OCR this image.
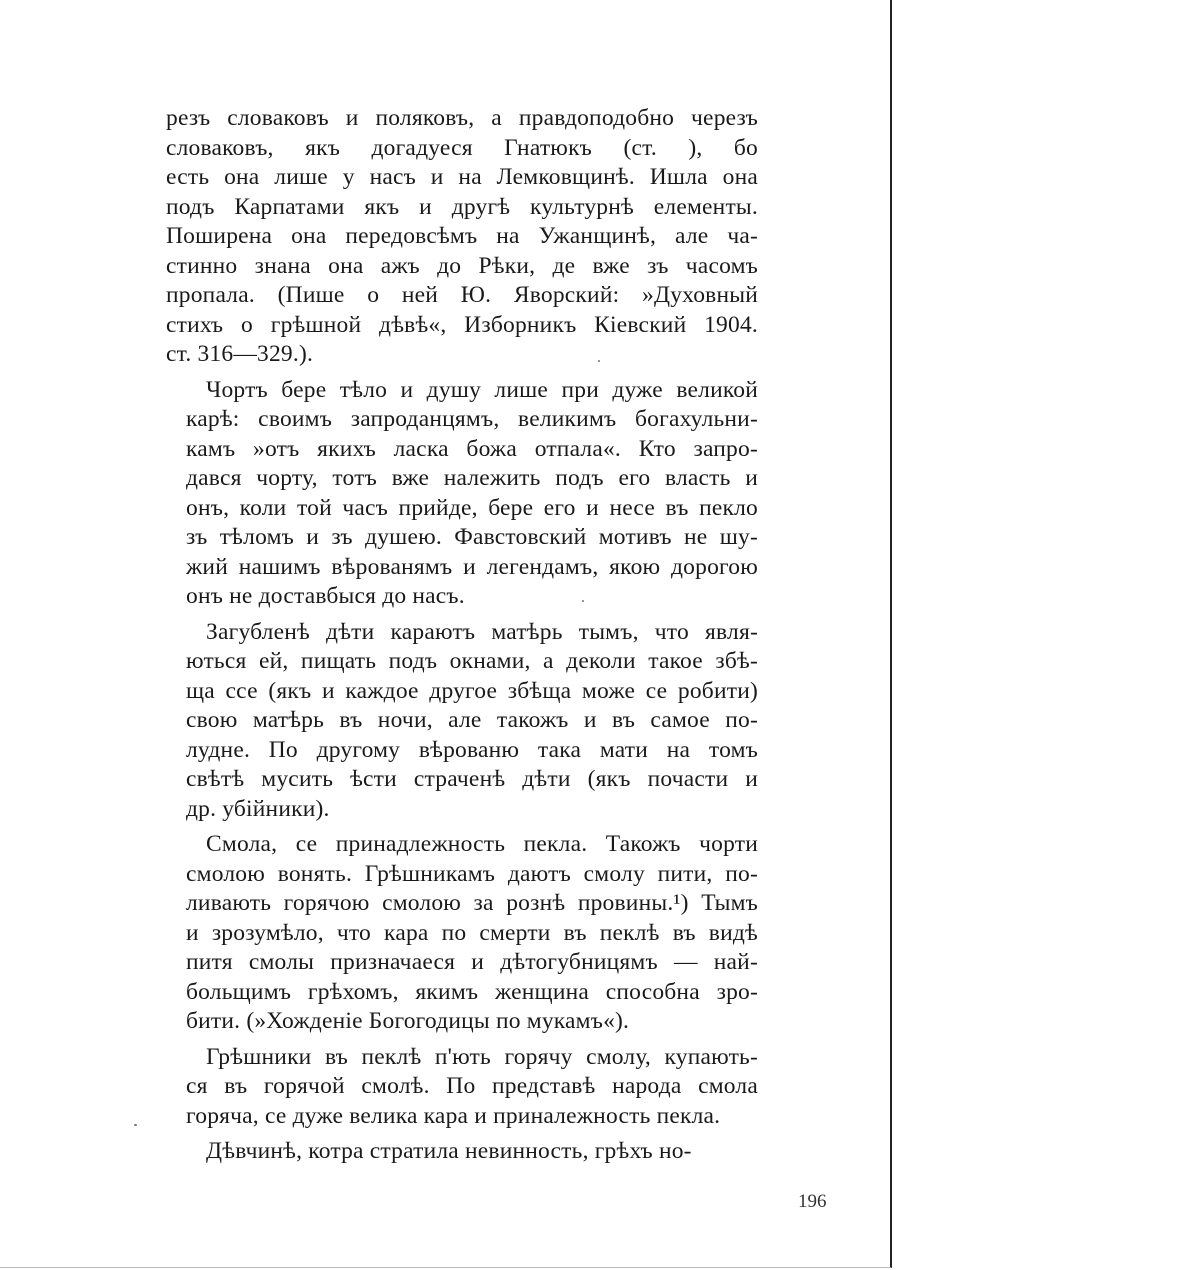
резъ словаковъ и поляковъ, а правдоподобно черезъ
словаковъ, якъ догадуеся Гнатюкъ (ст. ), бо
есть она лише у насъ и на Лемковщинѣ. Ишла она
подъ Карпатами якъ и другѣ культурнѣ елементы.
Поширена она передовсѣмъ на Ужанщинѣ, але ча-
стинно знана она ажъ до Рѣки, де вже зъ часомъ
пропала. (Пише о ней Ю. Яворский: »Духовный
стихъ о грѣшной дѣвѣ«, Изборникъ Кіевский 1904.
ст. 316—329.).
Чортъ бере тѣло и душу лише при дуже великой
карѣ: своимъ запроданцямъ, великимъ богахульни-
камъ »отъ якихъ ласка божа отпала«. Кто запро-
дався чорту, тотъ вже належить подъ его власть и
онъ, коли той часъ прийде, бере его и несе въ пекло
зъ тѣломъ и зъ душею. Фавстовский мотивъ не шу-
жий нашимъ вѣрованямъ и легендамъ, якою дорогою
онъ не доставбыся до насъ.
Загубленѣ дѣти караютъ матѣрь тымъ, что явля-
ються ей, пищать подъ окнами, а деколи такое збѣ-
ща ссе (якъ и каждое другое збѣща може се робити)
свою матѣрь въ ночи, але такожъ и въ самое по-
лудне. По другому вѣрованю така мати на томъ
свѣтѣ мусить ѣсти страченѣ дѣти (якъ почасти и
др. убійники).
Смола, се принадлежность пекла. Такожъ чорти
смолою вонять. Грѣшникамъ даютъ смолу пити, по-
ливають горячою смолою за рознѣ провины.¹) Тымъ
и зрозумѣло, что кара по смерти въ пеклѣ въ видѣ
питя смолы признача​еся и дѣтогубницямъ — най-
больщимъ грѣхомъ, якимъ женщина способна зро-
бити. (»Хожденіе Богогодицы по мукамъ«).
Грѣшники въ пеклѣ п'ють горячу смолу, купають-
ся въ горячой смолѣ. По представѣ народа смола
горяча, се дуже велика кара и приналежность пекла.
Дѣвчинѣ, котра стратила невинность, грѣхъ но-
196
